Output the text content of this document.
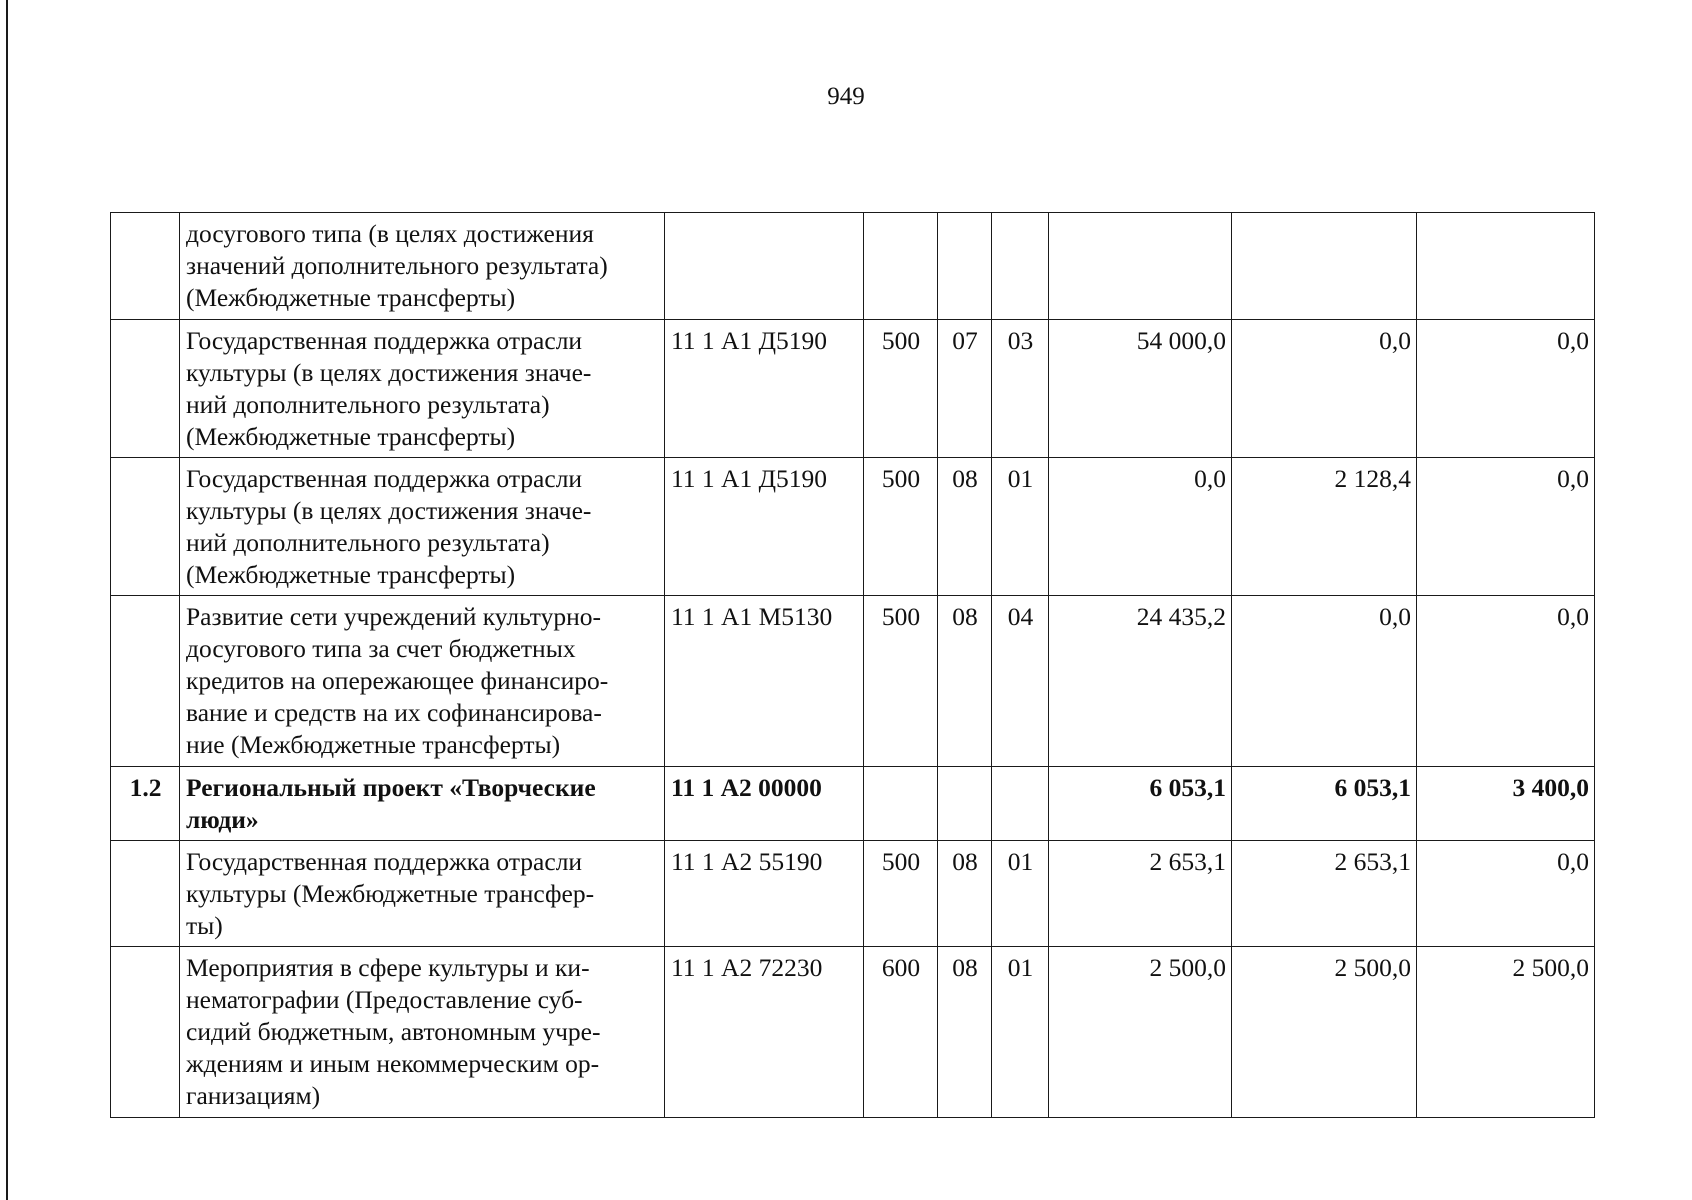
949
	досугового типа (в целях достижения
значений дополнительного результата)
(Межбюджетные трансферты)							
	Государственная поддержка отрасли
культуры (в целях достижения значе-
ний дополнительного результата)
(Межбюджетные трансферты)	11 1 А1 Д5190	500	07	03	54 000,0	0,0	0,0
	Государственная поддержка отрасли
культуры (в целях достижения значе-
ний дополнительного результата)
(Межбюджетные трансферты)	11 1 А1 Д5190	500	08	01	0,0	2 128,4	0,0
	Развитие сети учреждений культурно-
досугового типа за счет бюджетных
кредитов на опережающее финансиро-
вание и средств на их софинансирова-
ние (Межбюджетные трансферты)	11 1 А1 М5130	500	08	04	24 435,2	0,0	0,0
1.2	Региональный проект «Творческие
люди»	11 1 А2 00000				6 053,1	6 053,1	3 400,0
	Государственная поддержка отрасли
культуры (Межбюджетные трансфер-
ты)	11 1 А2 55190	500	08	01	2 653,1	2 653,1	0,0
	Мероприятия в сфере культуры и ки-
нематографии (Предоставление суб-
сидий бюджетным, автономным учре-
ждениям и иным некоммерческим ор-
ганизациям)	11 1 А2 72230	600	08	01	2 500,0	2 500,0	2 500,0
